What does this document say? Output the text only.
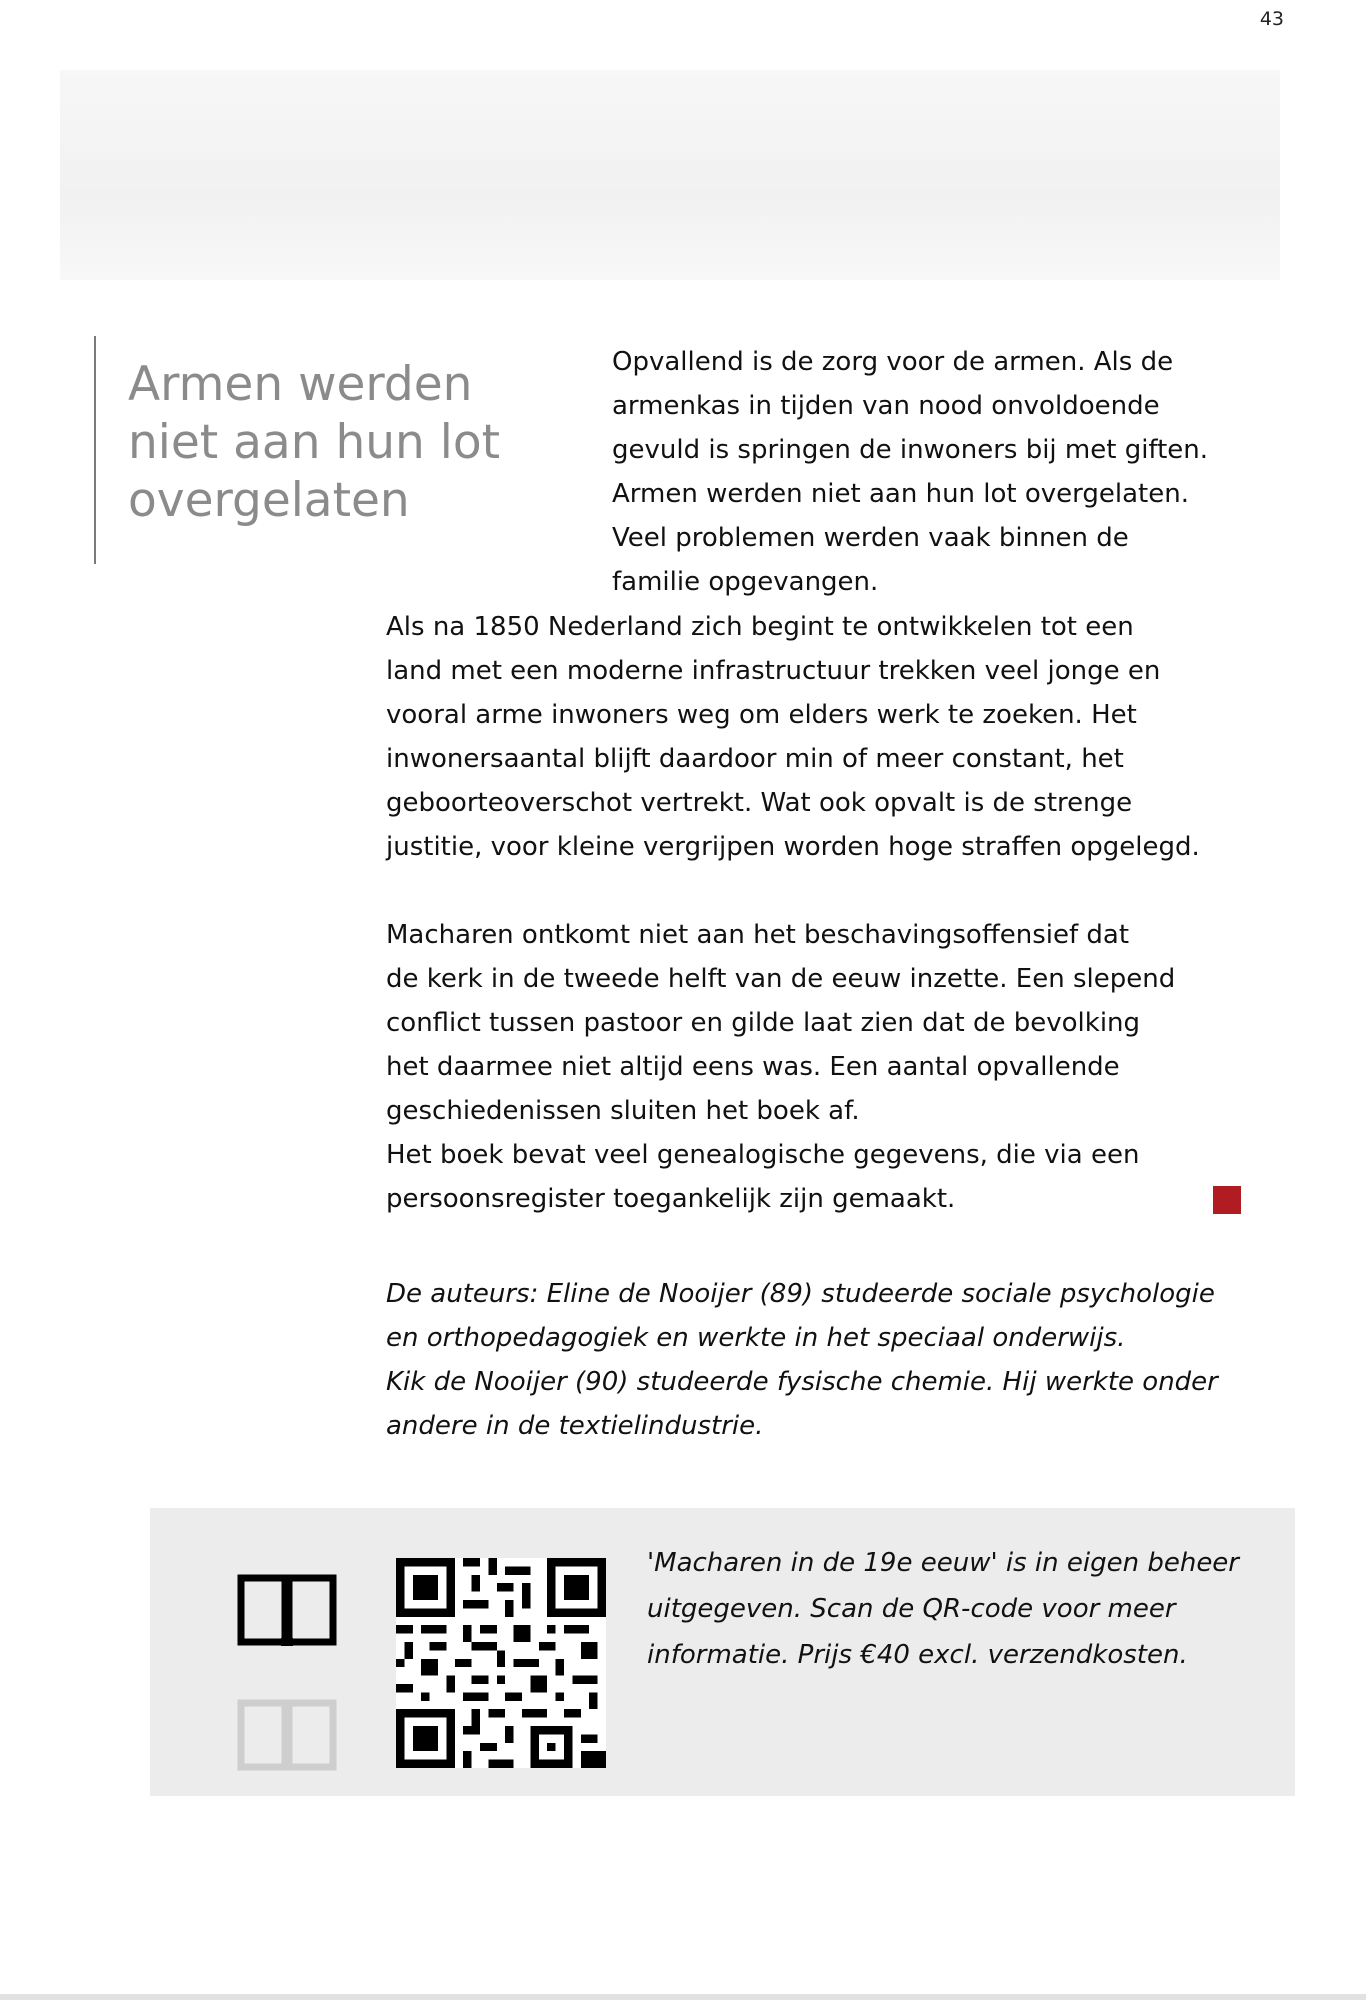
43
Armen werden
niet aan hun lot
overgelaten

Opvallend is de zorg voor de armen. Als de
armenkas in tijden van nood onvoldoende
gevuld is springen de inwoners bij met giften.
Armen werden niet aan hun lot overgelaten.
Veel problemen werden vaak binnen de
familie opgevangen.

Als na 1850 Nederland zich begint te ontwikkelen tot een
land met een moderne infrastructuur trekken veel jonge en
vooral arme inwoners weg om elders werk te zoeken. Het
inwonersaantal blijft daardoor min of meer constant, het
geboorteoverschot vertrekt. Wat ook opvalt is de strenge
justitie, voor kleine vergrijpen worden hoge straffen opgelegd.

Macharen ontkomt niet aan het beschavingsoffensief dat
de kerk in de tweede helft van de eeuw inzette. Een slepend
conflict tussen pastoor en gilde laat zien dat de bevolking
het daarmee niet altijd eens was. Een aantal opvallende
geschiedenissen sluiten het boek af.

Het boek bevat veel genealogische gegevens, die via een
persoonsregister toegankelijk zijn gemaakt.

De auteurs: Eline de Nooijer (89) studeerde sociale psychologie
en orthopedagogiek en werkte in het speciaal onderwijs.
Kik de Nooijer (90) studeerde fysische chemie. Hij werkte onder
andere in de textielindustrie.

'Macharen in de 19e eeuw' is in eigen beheer
uitgegeven. Scan de QR-code voor meer
informatie. Prijs €40 excl. verzendkosten.
